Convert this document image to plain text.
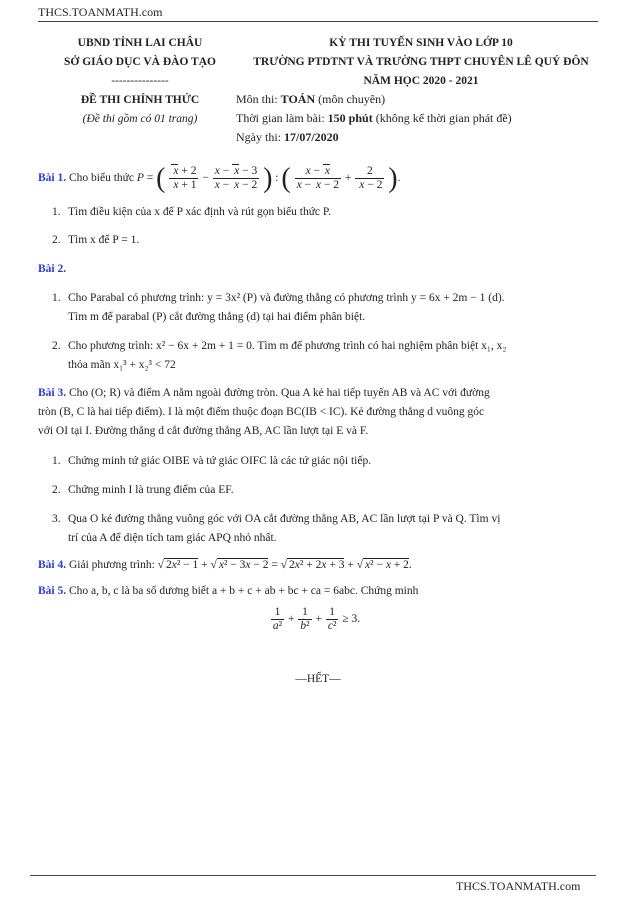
THCS.TOANMATH.com
UBND TỈNH LAI CHÂU
SỞ GIÁO DỤC VÀ ĐÀO TẠO
---------------
ĐỀ THI CHÍNH THỨC
(Đề thi gồm có 01 trang)
KỲ THI TUYỂN SINH VÀO LỚP 10
TRƯỜNG PTDTNT VÀ TRƯỜNG THPT CHUYÊN LÊ QUÝ ĐÔN
NĂM HỌC 2020 - 2021
Môn thi: TOÁN (môn chuyên)
Thời gian làm bài: 150 phút (không kể thời gian phát đề)
Ngày thi: 17/07/2020
Bài 1. Cho biểu thức P = ( $\frac{x + 2}{x + 1} - \frac{x - x - 3}{x - x - 2}$ ) : ( $\frac{x - x}{x - x - 2} + \frac{2}{x - 2}$ ).
1. Tìm điều kiện của x để P xác định và rút gọn biểu thức P.
2. Tìm x để P = 1.
Bài 2.
1. Cho Parabal có phương trình: y = 3x² (P) và đường thẳng có phương trình y = 6x + 2m − 1 (d).
Tìm m để parabal (P) cắt đường thẳng (d) tại hai điểm phân biệt.
2. Cho phương trình: x² − 6x + 2m + 1 = 0. Tìm m để phương trình có hai nghiệm phân biệt x₁, x₂
thỏa mãn x₁³ + x₂³ < 72
Bài 3. Cho (O; R) và điểm A nằm ngoài đường tròn. Qua A kẻ hai tiếp tuyến AB và AC với đường
tròn (B, C là hai tiếp điểm). I là một điểm thuộc đoạn BC(IB < IC). Kẻ đường thẳng d vuông góc
với OI tại I. Đường thẳng d cắt đường thẳng AB, AC lần lượt tại E và F.
1. Chứng minh tứ giác OIBE và tứ giác OIFC là các tứ giác nội tiếp.
2. Chứng minh I là trung điểm của EF.
3. Qua O kẻ đường thẳng vuông góc với OA cắt đường thẳng AB, AC lần lượt tại P và Q. Tìm vị
trí của A để diện tích tam giác APQ nhỏ nhất.
Bài 4. Giải phương trình: √ 2x² − 1 + √ x² − 3x − 2 = √ 2x² + 2x + 3 + √ x² − x + 2.
Bài 5. Cho a, b, c là ba số dương biết a + b + c + ab + bc + ca = 6abc. Chứng minh
$\frac{1}{\text{a²}} + \frac{1}{\text{b²}} + \frac{1}{\text{c²}} \ge 3$.
—HẾT—
THCS.TOANMATH.com
